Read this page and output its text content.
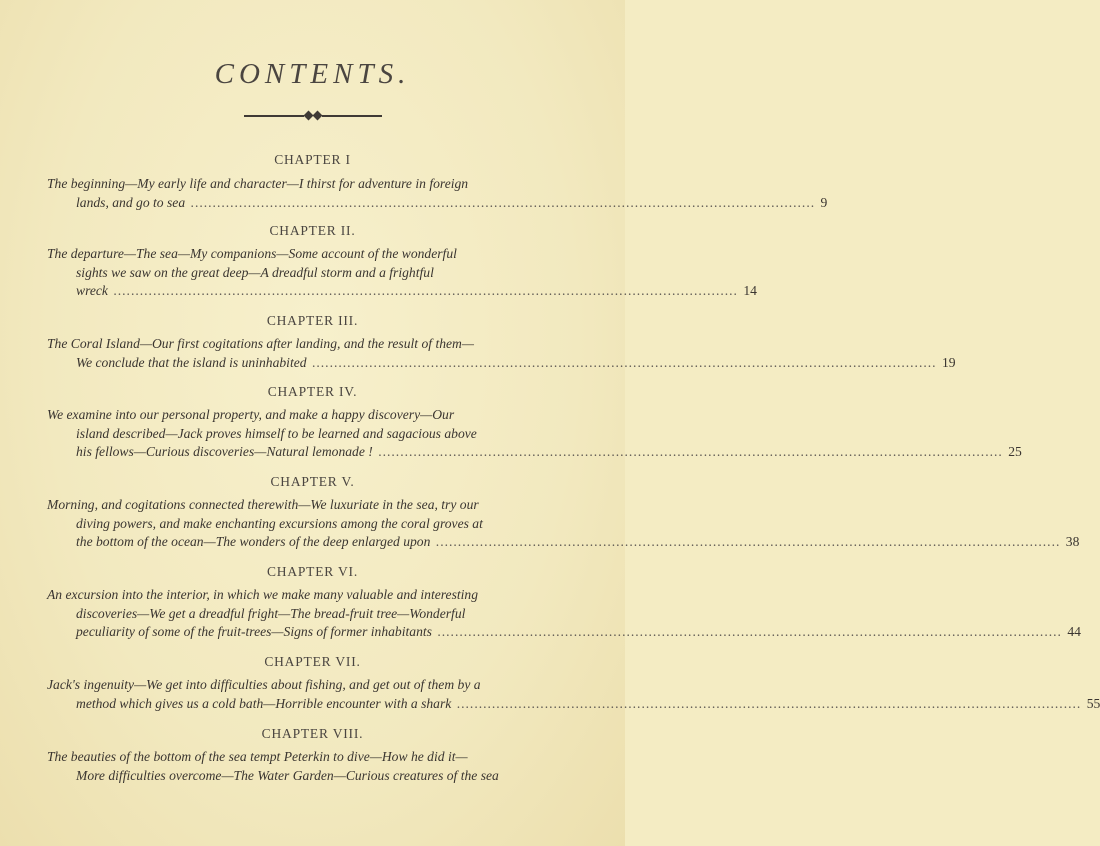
CONTENTS.
CHAPTER I
The beginning—My early life and character—I thirst for adventure in foreign
lands, and go to sea .............................................................................................................................................. 9
CHAPTER II.
The departure—The sea—My companions—Some account of the wonderful
sights we saw on the great deep—A dreadful storm and a frightful
wreck .............................................................................................................................................. 14
CHAPTER III.
The Coral Island—Our first cogitations after landing, and the result of them—
We conclude that the island is uninhabited .............................................................................................................................................. 19
CHAPTER IV.
We examine into our personal property, and make a happy discovery—Our
island described—Jack proves himself to be learned and sagacious above
his fellows—Curious discoveries—Natural lemonade ! .............................................................................................................................................. 25
CHAPTER V.
Morning, and cogitations connected therewith—We luxuriate in the sea, try our
diving powers, and make enchanting excursions among the coral groves at
the bottom of the ocean—The wonders of the deep enlarged upon .............................................................................................................................................. 38
CHAPTER VI.
An excursion into the interior, in which we make many valuable and interesting
discoveries—We get a dreadful fright—The bread-fruit tree—Wonderful
peculiarity of some of the fruit-trees—Signs of former inhabitants .............................................................................................................................................. 44
CHAPTER VII.
Jack's ingenuity—We get into difficulties about fishing, and get out of them by a
method which gives us a cold bath—Horrible encounter with a shark .............................................................................................................................................. 55
CHAPTER VIII.
The beauties of the bottom of the sea tempt Peterkin to dive—How he did it—
More difficulties overcome—The Water Garden—Curious creatures of the sea
